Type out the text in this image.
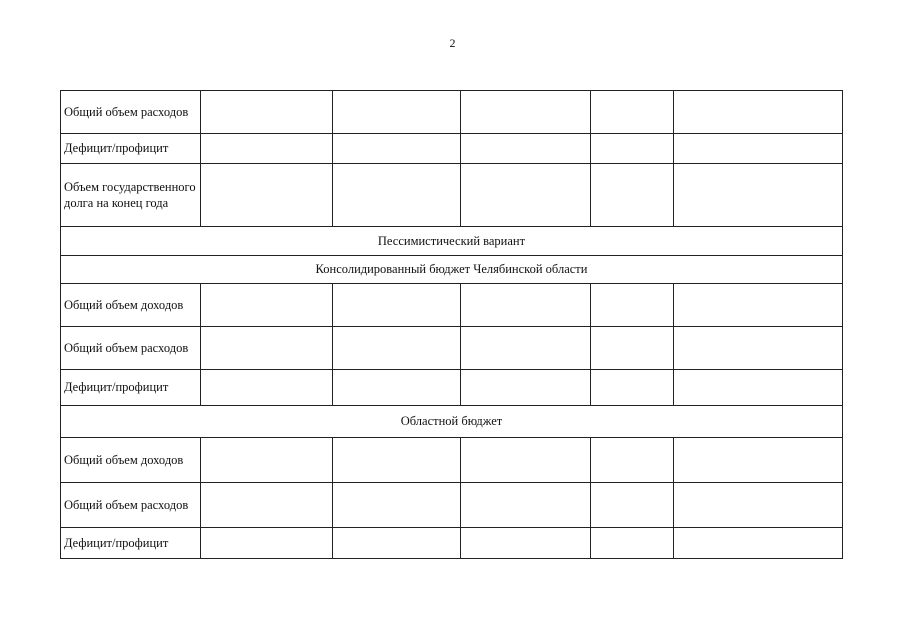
2
Общий объем расходов					
Дефицит/профицит					
Объем государственного долга на конец года					
Пессимистический вариант					
Консолидированный бюджет Челябинской области					
Общий объем доходов					
Общий объем расходов					
Дефицит/профицит					
Областной бюджет					
Общий объем доходов					
Общий объем расходов					
Дефицит/профицит					
